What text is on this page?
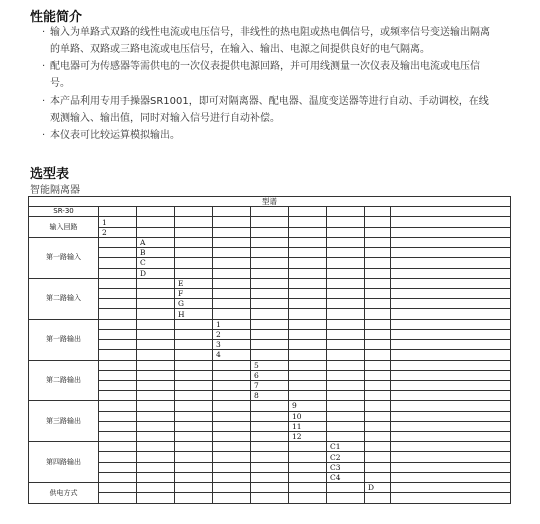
性能简介
· 输入为单路式双路的线性电流或电压信号，非线性的热电阻或热电偶信号，或频率信号变送输出隔离
的单路、双路或三路电流或电压信号，在输入、输出、电源之间提供良好的电气隔离。
· 配电器可为传感器等需供电的一次仪表提供电源回路，并可用线测量一次仪表及输出电流或电压信
号。
· 本产品利用专用手操器SR1001，即可对隔离器、配电器、温度变送器等进行自动、手动调校，在线
观测输入、输出值，同时对输入信号进行自动补偿。
· 本仪表可比较运算模拟输出。
选型表
智能隔离器
型谱	
SR-30										
输入回路	1									
	2									
第一路输入		A								
		B								
		C								
		D								
第二路输入			E							
			F							
			G							
			H							
第一路输出				1						
				2						
				3						
				4						
第二路输出					5					
					6					
					7					
					8					
第三路输出						9				
						10				
						11				
						12				
第四路输出							C1			
							C2			
							C3			
							C4			
供电方式								D		
